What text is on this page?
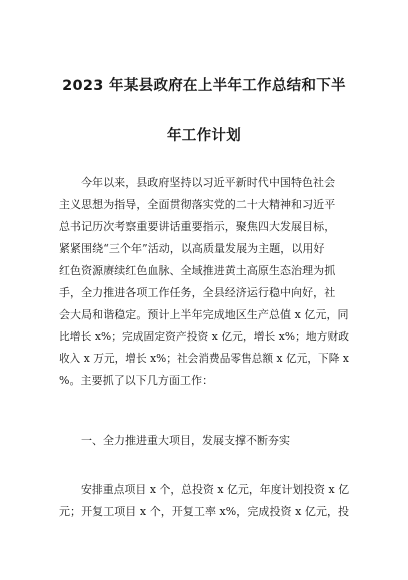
2023 年某县政府在上半年工作总结和下半
年工作计划
今年以来，县政府坚持以习近平新时代中国特色社会
主义思想为指导，全面贯彻落实党的二十大精神和习近平
总书记历次考察重要讲话重要指示，聚焦四大发展目标，
紧紧围绕“三个年”活动，以高质量发展为主题，以用好
红色资源赓续红色血脉、全域推进黄土高原生态治理为抓
手，全力推进各项工作任务，全县经济运行稳中向好，社
会大局和谐稳定。预计上半年完成地区生产总值 x 亿元，同
比增长 x%；完成固定资产投资 x 亿元，增长 x%；地方财政
收入 x 万元，增长 x%；社会消费品零售总额 x 亿元，下降 x
%。主要抓了以下几方面工作：
一、全力推进重大项目，发展支撑不断夯实
安排重点项目 x 个，总投资 x 亿元，年度计划投资 x 亿
元；开复工项目 x 个，开复工率 x%，完成投资 x 亿元，投
